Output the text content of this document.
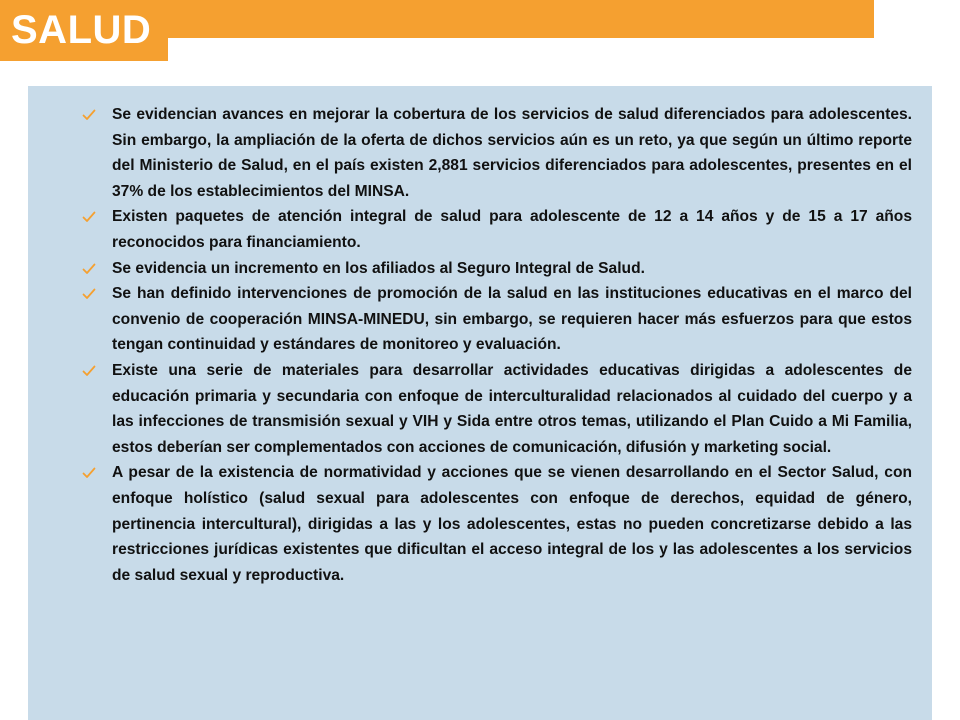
SALUD
Se evidencian avances en mejorar la cobertura de los servicios de salud diferenciados para adolescentes. Sin embargo, la ampliación de la oferta de dichos servicios aún es un reto, ya que según un último reporte del Ministerio de Salud, en el país existen 2,881 servicios diferenciados para adolescentes, presentes en el 37% de los establecimientos del MINSA.
Existen paquetes de atención integral de salud para adolescente de 12 a 14 años y de 15 a 17 años reconocidos para financiamiento.
Se evidencia un incremento en los afiliados al Seguro Integral de Salud.
Se han definido intervenciones de promoción de la salud en las instituciones educativas en el marco del convenio de cooperación MINSA-MINEDU, sin embargo, se requieren hacer más esfuerzos para que estos tengan continuidad y estándares de monitoreo y evaluación.
Existe una serie de materiales para desarrollar actividades educativas dirigidas a adolescentes de educación primaria y secundaria con enfoque de interculturalidad relacionados al cuidado del cuerpo y a las infecciones de transmisión sexual y VIH y Sida entre otros temas, utilizando el Plan Cuido a Mi Familia, estos deberían ser complementados con acciones de comunicación, difusión y marketing social.
A pesar de la existencia de normatividad y acciones que se vienen desarrollando en el Sector Salud, con enfoque holístico (salud sexual para adolescentes con enfoque de derechos, equidad de género, pertinencia intercultural), dirigidas a las y los adolescentes, estas no pueden concretizarse debido a las restricciones jurídicas existentes que dificultan el acceso integral de los y las adolescentes a los servicios de salud sexual y reproductiva.
